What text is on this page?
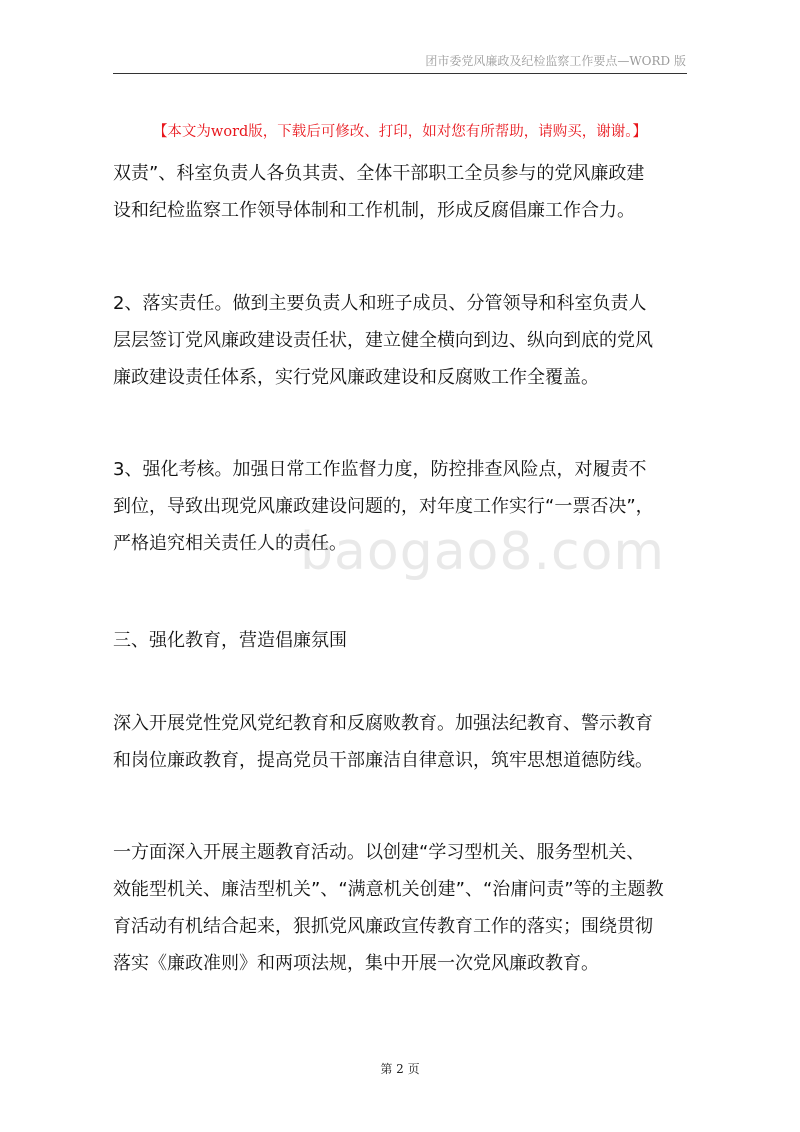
团市委党风廉政及纪检监察工作要点—WORD 版
【本文为word版，下载后可修改、打印，如对您有所帮助，请购买，谢谢。】
baogao8.com
双责”、科室负责人各负其责、全体干部职工全员参与的党风廉政建
设和纪检监察工作领导体制和工作机制，形成反腐倡廉工作合力。
2、落实责任。做到主要负责人和班子成员、分管领导和科室负责人
层层签订党风廉政建设责任状，建立健全横向到边、纵向到底的党风
廉政建设责任体系，实行党风廉政建设和反腐败工作全覆盖。
3、强化考核。加强日常工作监督力度，防控排查风险点，对履责不
到位，导致出现党风廉政建设问题的，对年度工作实行“一票否决”，
严格追究相关责任人的责任。
三、强化教育，营造倡廉氛围
深入开展党性党风党纪教育和反腐败教育。加强法纪教育、警示教育
和岗位廉政教育，提高党员干部廉洁自律意识，筑牢思想道德防线。
一方面深入开展主题教育活动。以创建“学习型机关、服务型机关、
效能型机关、廉洁型机关”、“满意机关创建”、“治庸问责”等的主题教
育活动有机结合起来，狠抓党风廉政宣传教育工作的落实；围绕贯彻
落实《廉政准则》和两项法规，集中开展一次党风廉政教育。
第 2 页
